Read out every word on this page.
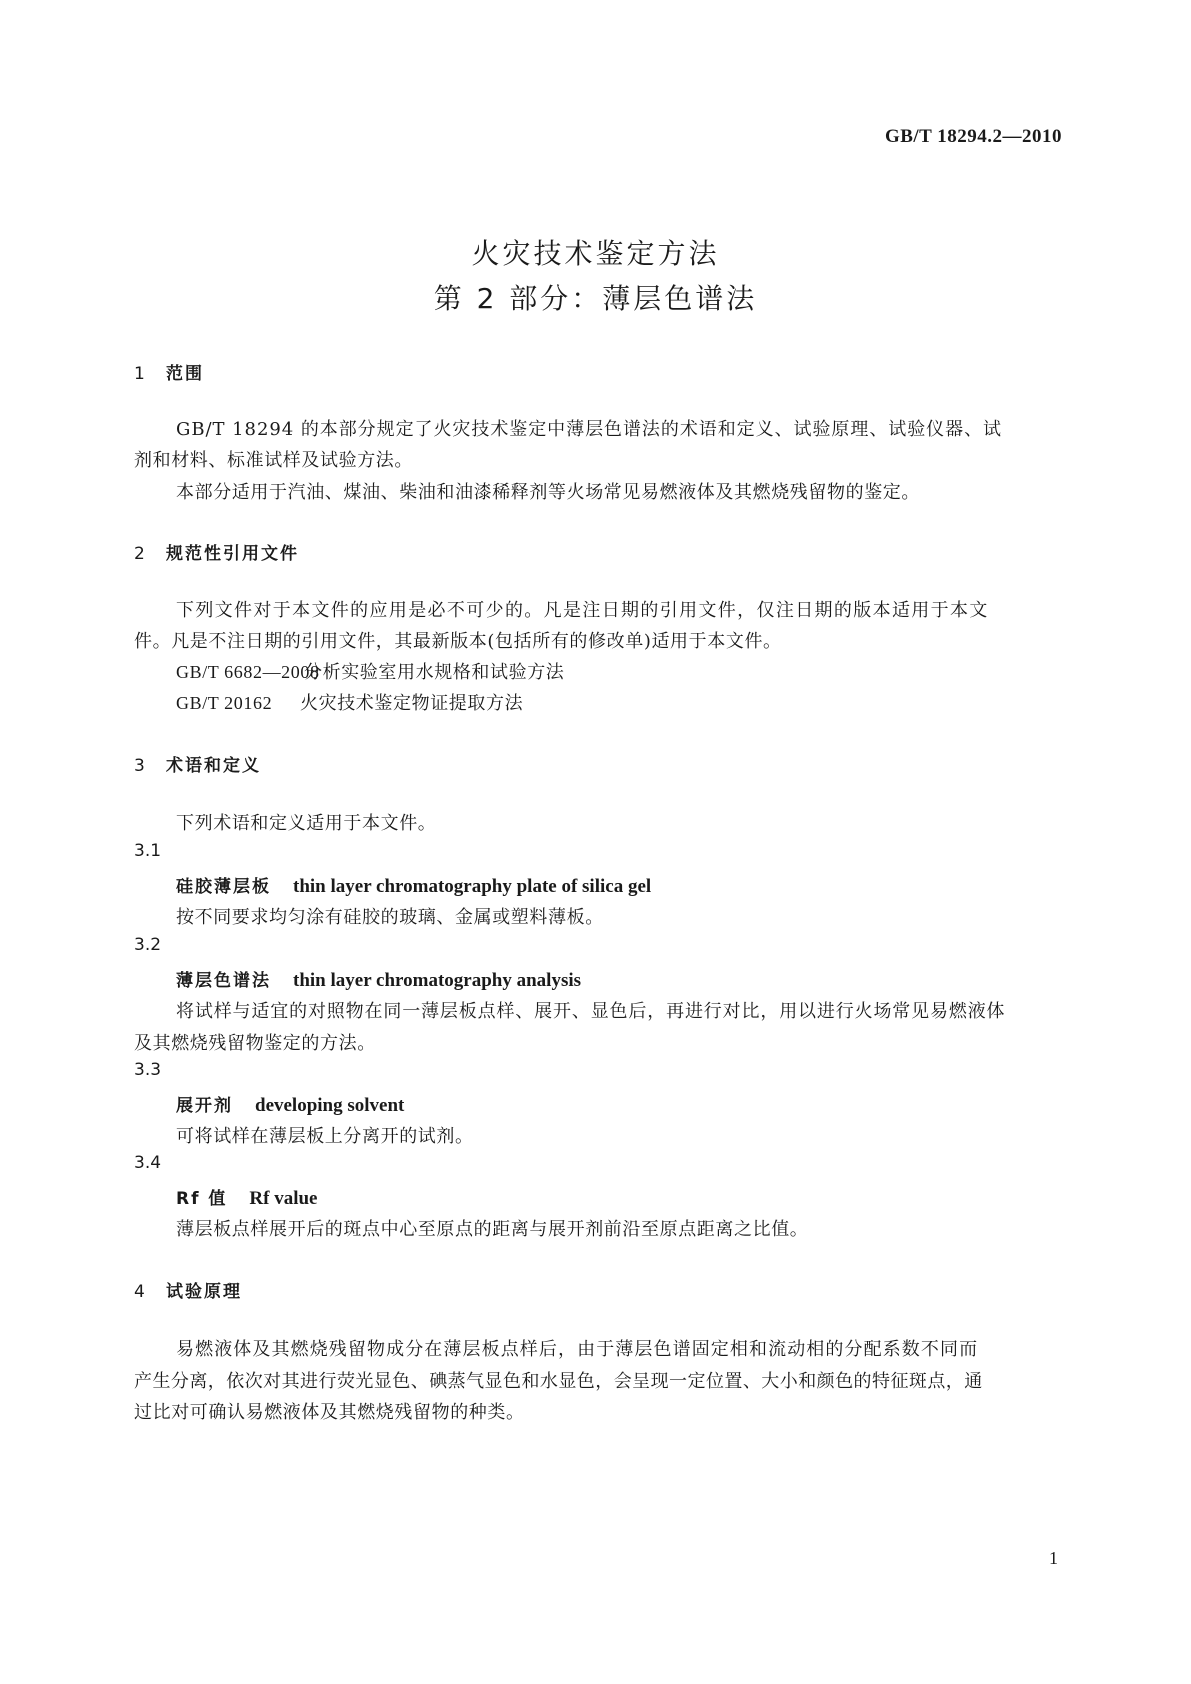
GB/T 18294.2—2010
火灾技术鉴定方法
第 2 部分：薄层色谱法
1 范围
GB/T 18294 的本部分规定了火灾技术鉴定中薄层色谱法的术语和定义、试验原理、试验仪器、试
剂和材料、标准试样及试验方法。
本部分适用于汽油、煤油、柴油和油漆稀释剂等火场常见易燃液体及其燃烧残留物的鉴定。
2 规范性引用文件
下列文件对于本文件的应用是必不可少的。凡是注日期的引用文件，仅注日期的版本适用于本文
件。凡是不注日期的引用文件，其最新版本(包括所有的修改单)适用于本文件。
GB/T 6682—2008分析实验室用水规格和试验方法
GB/T 20162 火灾技术鉴定物证提取方法
3 术语和定义
下列术语和定义适用于本文件。
3.1
硅胶薄层板 thin layer chromatography plate of silica gel
按不同要求均匀涂有硅胶的玻璃、金属或塑料薄板。
3.2
薄层色谱法 thin layer chromatography analysis
将试样与适宜的对照物在同一薄层板点样、展开、显色后，再进行对比，用以进行火场常见易燃液体
及其燃烧残留物鉴定的方法。
3.3
展开剂 developing solvent
可将试样在薄层板上分离开的试剂。
3.4
Rf 值 Rf value
薄层板点样展开后的斑点中心至原点的距离与展开剂前沿至原点距离之比值。
4 试验原理
易燃液体及其燃烧残留物成分在薄层板点样后，由于薄层色谱固定相和流动相的分配系数不同而
产生分离，依次对其进行荧光显色、碘蒸气显色和水显色，会呈现一定位置、大小和颜色的特征斑点，通
过比对可确认易燃液体及其燃烧残留物的种类。
1
